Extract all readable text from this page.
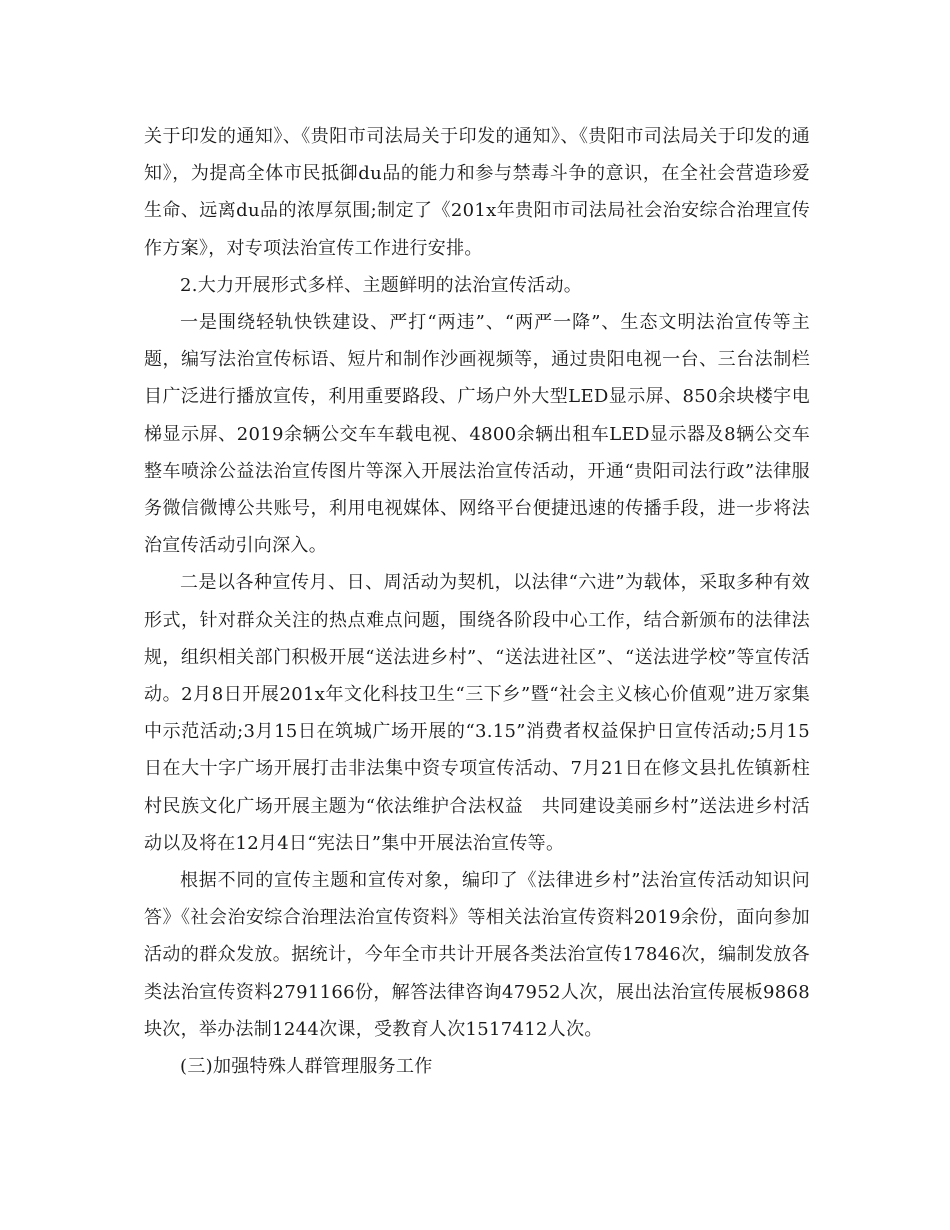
关于印发的通知》、《贵阳市司法局关于印发的通知》、《贵阳市司法局关于印发的通知》，为提高全体市民抵御du品的能力和参与禁毒斗争的意识，在全社会营造珍爱生命、远离du品的浓厚氛围;制定了《201x年贵阳市司法局社会治安综合治理宣传作方案》，对专项法治宣传工作进行安排。

2.大力开展形式多样、主题鲜明的法治宣传活动。

一是围绕轻轨快铁建设、严打“两违”、“两严一降”、生态文明法治宣传等主题，编写法治宣传标语、短片和制作沙画视频等，通过贵阳电视一台、三台法制栏目广泛进行播放宣传，利用重要路段、广场户外大型LED显示屏、850余块楼宇电梯显示屏、2019余辆公交车车载电视、4800余辆出租车LED显示器及8辆公交车整车喷涂公益法治宣传图片等深入开展法治宣传活动，开通“贵阳司法行政”法律服务微信微博公共账号，利用电视媒体、网络平台便捷迅速的传播手段，进一步将法治宣传活动引向深入。

二是以各种宣传月、日、周活动为契机，以法律“六进”为载体，采取多种有效形式，针对群众关注的热点难点问题，围绕各阶段中心工作，结合新颁布的法律法规，组织相关部门积极开展“送法进乡村”、“送法进社区”、“送法进学校”等宣传活动。2月8日开展201x年文化科技卫生“三下乡”暨“社会主义核心价值观”进万家集中示范活动;3月15日在筑城广场开展的“3.15”消费者权益保护日宣传活动;5月15日在大十字广场开展打击非法集中资专项宣传活动、7月21日在修文县扎佐镇新柱村民族文化广场开展主题为“依法维护合法权益　共同建设美丽乡村”送法进乡村活动以及将在12月4日“宪法日”集中开展法治宣传等。

根据不同的宣传主题和宣传对象，编印了《法律进乡村”法治宣传活动知识问答》《社会治安综合治理法治宣传资料》等相关法治宣传资料2019余份，面向参加活动的群众发放。据统计，今年全市共计开展各类法治宣传17846次，编制发放各类法治宣传资料2791166份，解答法律咨询47952人次，展出法治宣传展板9868块次，举办法制1244次课，受教育人次1517412人次。

(三)加强特殊人群管理服务工作
